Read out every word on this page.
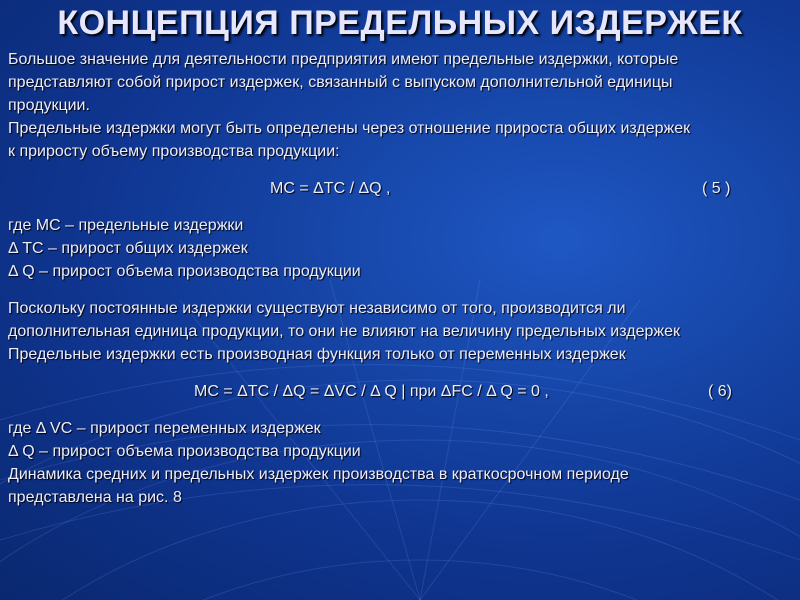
КОНЦЕПЦИЯ ПРЕДЕЛЬНЫХ ИЗДЕРЖЕК
Большое значение для деятельности предприятия имеют предельные издержки, которые
представляют собой прирост издержек, связанный с выпуском дополнительной единицы
продукции.
Предельные издержки могут быть определены через отношение прироста общих издержек
к приросту объему производства продукции:
MC = ΔTC / ΔQ ,	( 5 )
где МС – предельные издержки
Δ ТС – прирост общих издержек
Δ Q – прирост объема производства продукции
Поскольку постоянные издержки существуют независимо от того, производится ли
дополнительная единица продукции, то они не влияют на величину предельных издержек
Предельные издержки есть производная функция только от переменных издержек
MC = ΔTC / ΔQ = ΔVC / Δ Q | при ΔFC / Δ Q = 0 ,	( 6)
где Δ VC – прирост переменных издержек
Δ Q – прирост объема производства продукции
Динамика средних и предельных издержек производства в краткосрочном периоде
представлена на рис. 8
